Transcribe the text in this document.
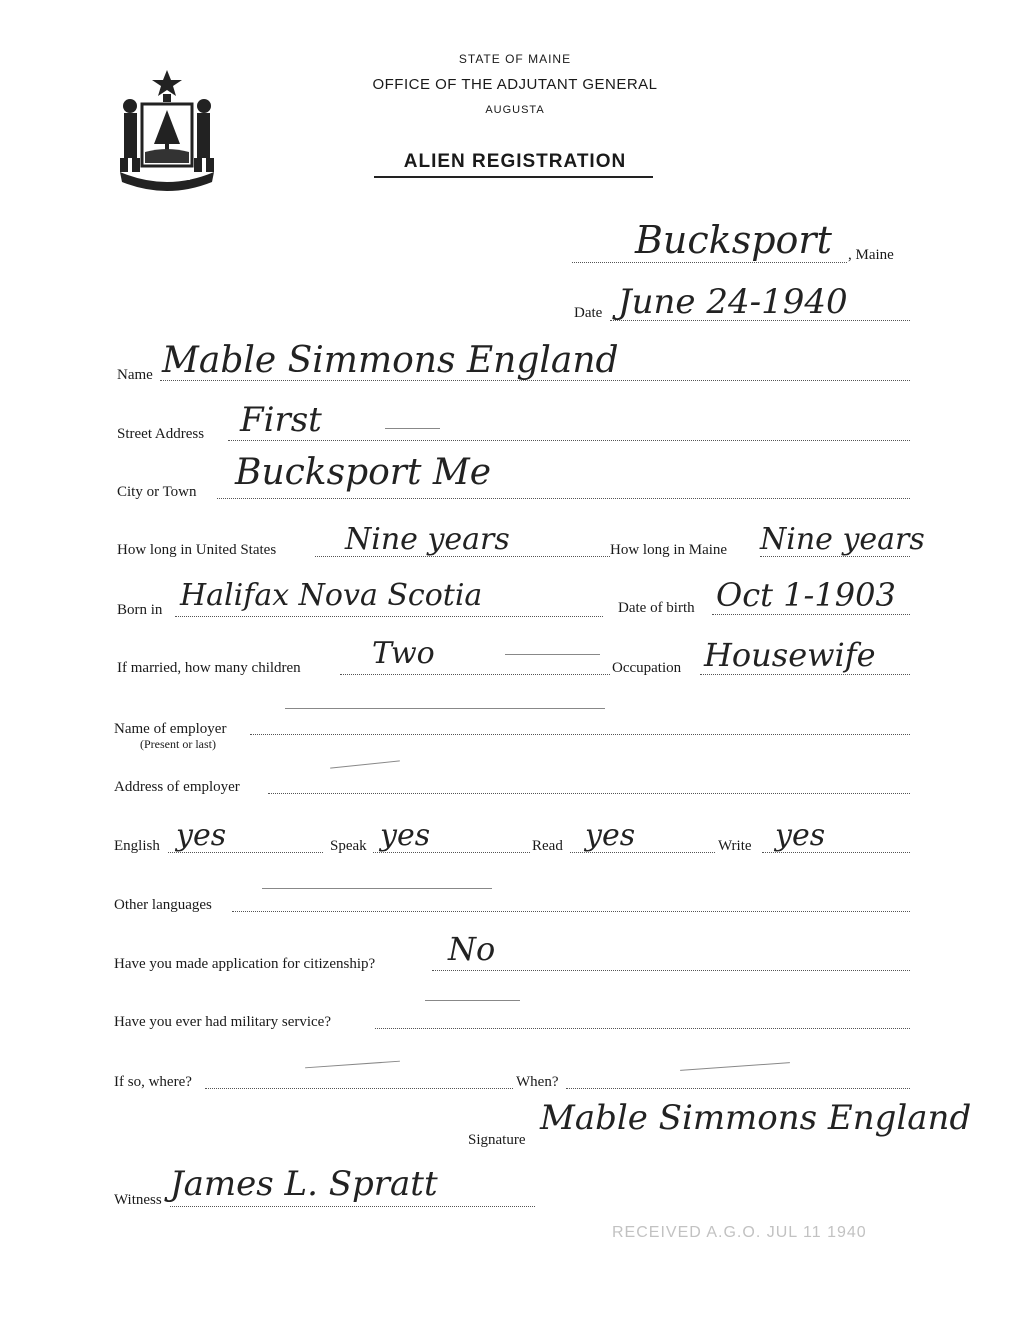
MAINE
STATE OF MAINE
OFFICE OF THE ADJUTANT GENERAL
AUGUSTA
ALIEN REGISTRATION
Bucksport , Maine
Date June 24-1940
Name Mable Simmons England
Street Address First
City or Town Bucksport Me
How long in United States Nine years	How long in Maine Nine years
Born in Halifax Nova Scotia	Date of birth Oct 1-1903
If married, how many children Two	Occupation Housewife
Name of employer
(Present or last)
Address of employer
English yes	Speak yes	Read yes	Write yes
Other languages
Have you made application for citizenship? No
Have you ever had military service?
If so, where?	When?
Signature
Mable Simmons England
Witness James L. Spratt
RECEIVED A.G.O. JUL 11 1940
